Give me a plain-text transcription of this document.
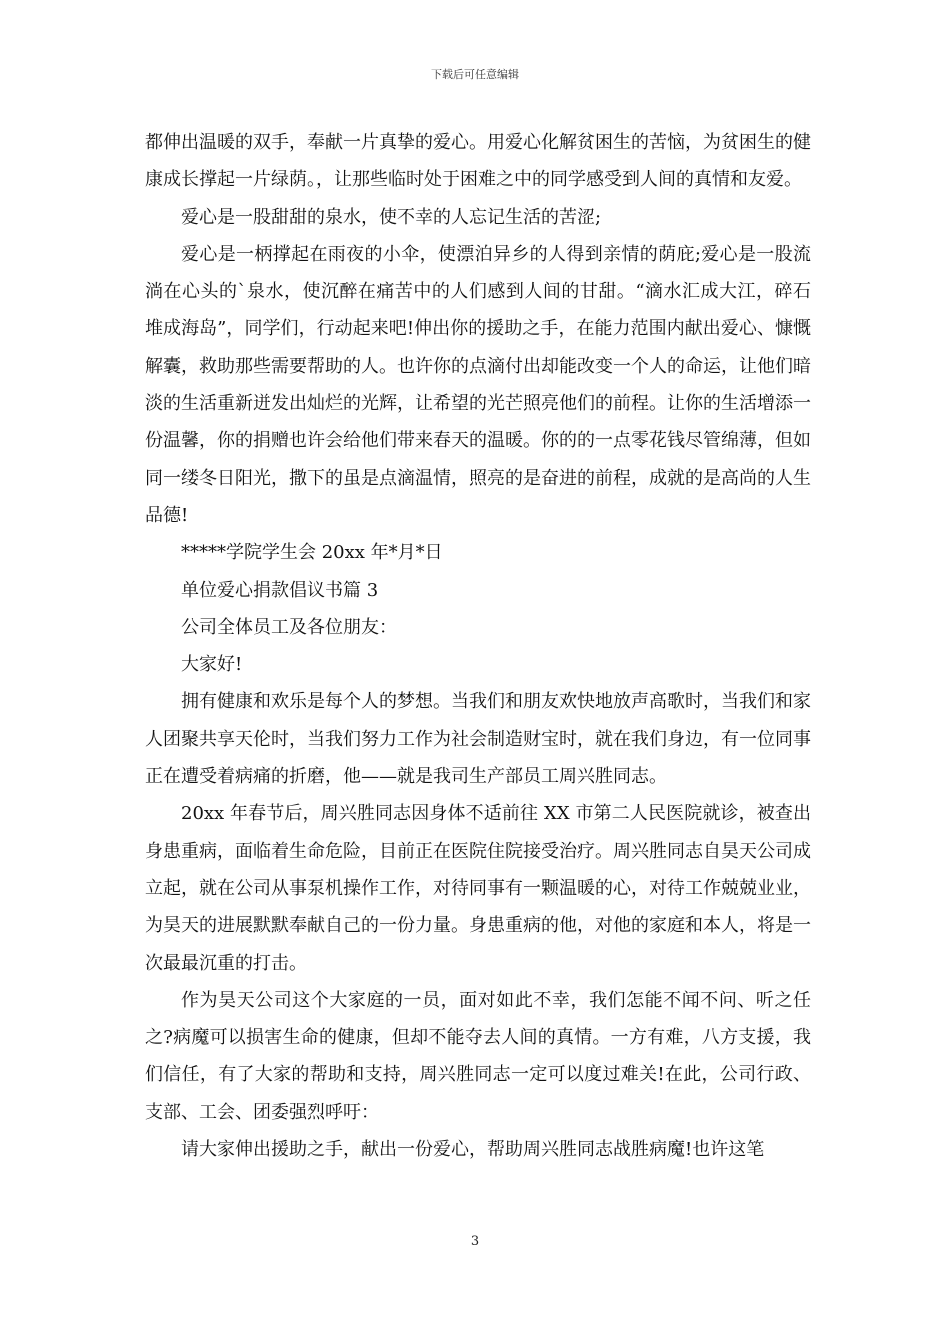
下载后可任意编辑

都伸出温暖的双手，奉献一片真挚的爱心。用爱心化解贫困生的苦恼，为贫困生的健康成长撑起一片绿荫。，让那些临时处于困难之中的同学感受到人间的真情和友爱。

爱心是一股甜甜的泉水，使不幸的人忘记生活的苦涩;

爱心是一柄撑起在雨夜的小伞，使漂泊异乡的人得到亲情的荫庇;爱心是一股流淌在心头的`泉水，使沉醉在痛苦中的人们感到人间的甘甜。“滴水汇成大江，碎石堆成海岛”，同学们，行动起来吧!伸出你的援助之手，在能力范围内献出爱心、慷慨解囊，救助那些需要帮助的人。也许你的点滴付出却能改变一个人的命运，让他们暗淡的生活重新迸发出灿烂的光辉，让希望的光芒照亮他们的前程。让你的生活增添一份温馨，你的捐赠也许会给他们带来春天的温暖。你的的一点零花钱尽管绵薄，但如同一缕冬日阳光，撒下的虽是点滴温情，照亮的是奋进的前程，成就的是高尚的人生品德!

*****学院学生会 20xx 年*月*日

单位爱心捐款倡议书篇 3

公司全体员工及各位朋友：

大家好!

拥有健康和欢乐是每个人的梦想。当我们和朋友欢快地放声高歌时，当我们和家人团聚共享天伦时，当我们努力工作为社会制造财宝时，就在我们身边，有一位同事正在遭受着病痛的折磨，他——就是我司生产部员工周兴胜同志。

20xx 年春节后，周兴胜同志因身体不适前往 XX 市第二人民医院就诊，被查出身患重病，面临着生命危险，目前正在医院住院接受治疗。周兴胜同志自昊天公司成立起，就在公司从事泵机操作工作，对待同事有一颗温暖的心，对待工作兢兢业业，为昊天的进展默默奉献自己的一份力量。身患重病的他，对他的家庭和本人，将是一次最最沉重的打击。

作为昊天公司这个大家庭的一员，面对如此不幸，我们怎能不闻不问、听之任之?病魔可以损害生命的健康，但却不能夺去人间的真情。一方有难，八方支援，我们信任，有了大家的帮助和支持，周兴胜同志一定可以度过难关!在此，公司行政、支部、工会、团委强烈呼吁：

请大家伸出援助之手，献出一份爱心，帮助周兴胜同志战胜病魔!也许这笔

3
